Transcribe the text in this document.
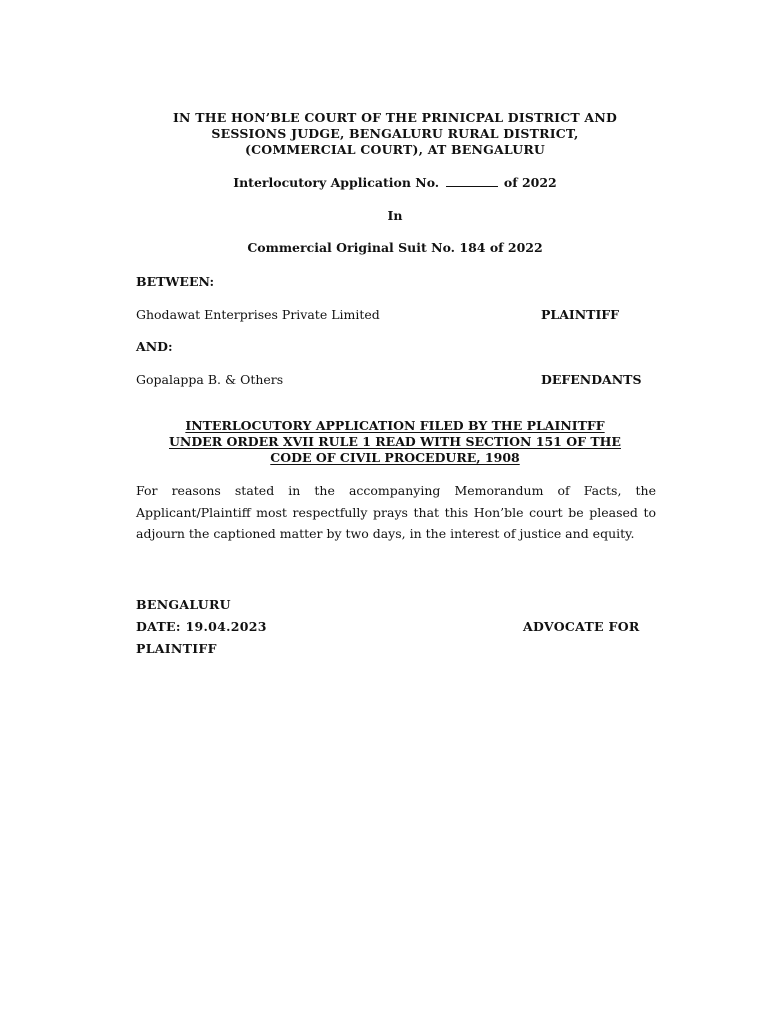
IN THE HON’BLE COURT OF THE PRINICPAL DISTRICT AND
SESSIONS JUDGE, BENGALURU RURAL DISTRICT,
(COMMERCIAL COURT), AT BENGALURU
Interlocutory Application No.	of 2022
In
Commercial Original Suit No. 184 of 2022
BETWEEN:
Ghodawat Enterprises Private Limited	PLAINTIFF
AND:
Gopalappa B. & Others	DEFENDANTS
INTERLOCUTORY APPLICATION FILED BY THE PLAINITFF
UNDER ORDER XVII RULE 1 READ WITH SECTION 151 OF THE
CODE OF CIVIL PROCEDURE, 1908
For reasons stated in the accompanying Memorandum of Facts, the Applicant/Plaintiff most respectfully prays that this Hon’ble court be pleased to adjourn the captioned matter by two days, in the interest of justice and equity.
BENGALURU
DATE: 19.04.2023	ADVOCATE FOR
PLAINTIFF
